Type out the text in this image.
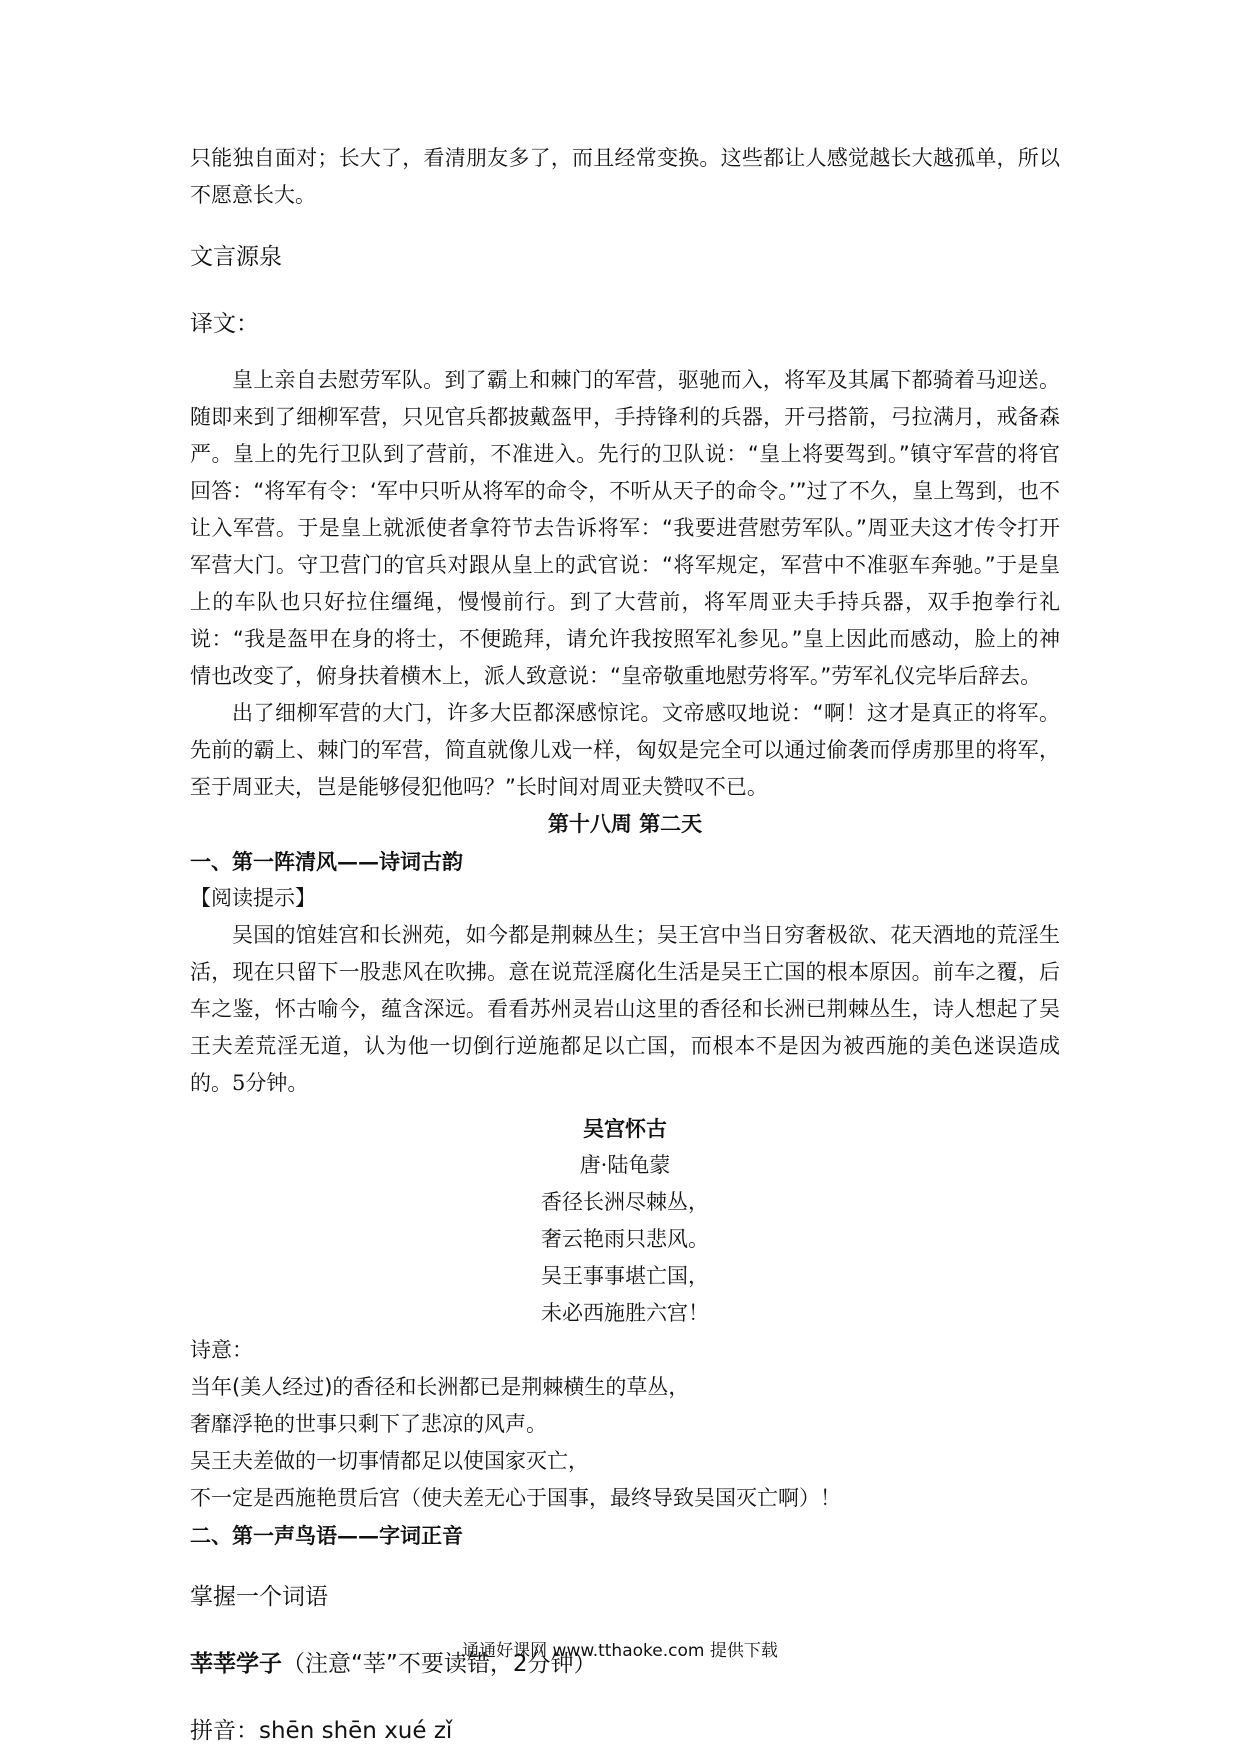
只能独自面对；长大了，看清朋友多了，而且经常变换。这些都让人感觉越长大越孤单，所以不愿意长大。

文言源泉

译文：

皇上亲自去慰劳军队。到了霸上和棘门的军营，驱驰而入，将军及其属下都骑着马迎送。随即来到了细柳军营，只见官兵都披戴盔甲，手持锋利的兵器，开弓搭箭，弓拉满月，戒备森严。皇上的先行卫队到了营前，不准进入。先行的卫队说：“皇上将要驾到。”镇守军营的将官回答：“将军有令：‘军中只听从将军的命令，不听从天子的命令。’”过了不久，皇上驾到，也不让入军营。于是皇上就派使者拿符节去告诉将军：“我要进营慰劳军队。”周亚夫这才传令打开军营大门。守卫营门的官兵对跟从皇上的武官说：“将军规定，军营中不准驱车奔驰。”于是皇上的车队也只好拉住缰绳，慢慢前行。到了大营前，将军周亚夫手持兵器，双手抱拳行礼说：“我是盔甲在身的将士，不便跪拜，请允许我按照军礼参见。”皇上因此而感动，脸上的神情也改变了，俯身扶着横木上，派人致意说：“皇帝敬重地慰劳将军。”劳军礼仪完毕后辞去。

出了细柳军营的大门，许多大臣都深感惊诧。文帝感叹地说：“啊！这才是真正的将军。先前的霸上、棘门的军营，简直就像儿戏一样，匈奴是完全可以通过偷袭而俘虏那里的将军，至于周亚夫，岂是能够侵犯他吗？”长时间对周亚夫赞叹不已。

第十八周 第二天

一、第一阵清风——诗词古韵

【阅读提示】

吴国的馆娃宫和长洲苑，如今都是荆棘丛生；吴王宫中当日穷奢极欲、花天酒地的荒淫生活，现在只留下一股悲风在吹拂。意在说荒淫腐化生活是吴王亡国的根本原因。前车之覆，后车之鉴，怀古喻今，蕴含深远。看看苏州灵岩山这里的香径和长洲已荆棘丛生，诗人想起了吴王夫差荒淫无道，认为他一切倒行逆施都足以亡国，而根本不是因为被西施的美色迷误造成的。5分钟。

吴宫怀古

唐·陆龟蒙

香径长洲尽棘丛，

奢云艳雨只悲风。

吴王事事堪亡国，

未必西施胜六宫！

诗意：

当年(美人经过)的香径和长洲都已是荆棘横生的草丛，

奢靡浮艳的世事只剩下了悲凉的风声。

吴王夫差做的一切事情都足以使国家灭亡，

不一定是西施艳贯后宫（使夫差无心于国事，最终导致吴国灭亡啊）！

二、第一声鸟语——字词正音

掌握一个词语

莘莘学子（注意“莘”不要读错，2分钟）

拼音：shēn shēn xué zǐ

通通好课网 www.tthaoke.com 提供下载
